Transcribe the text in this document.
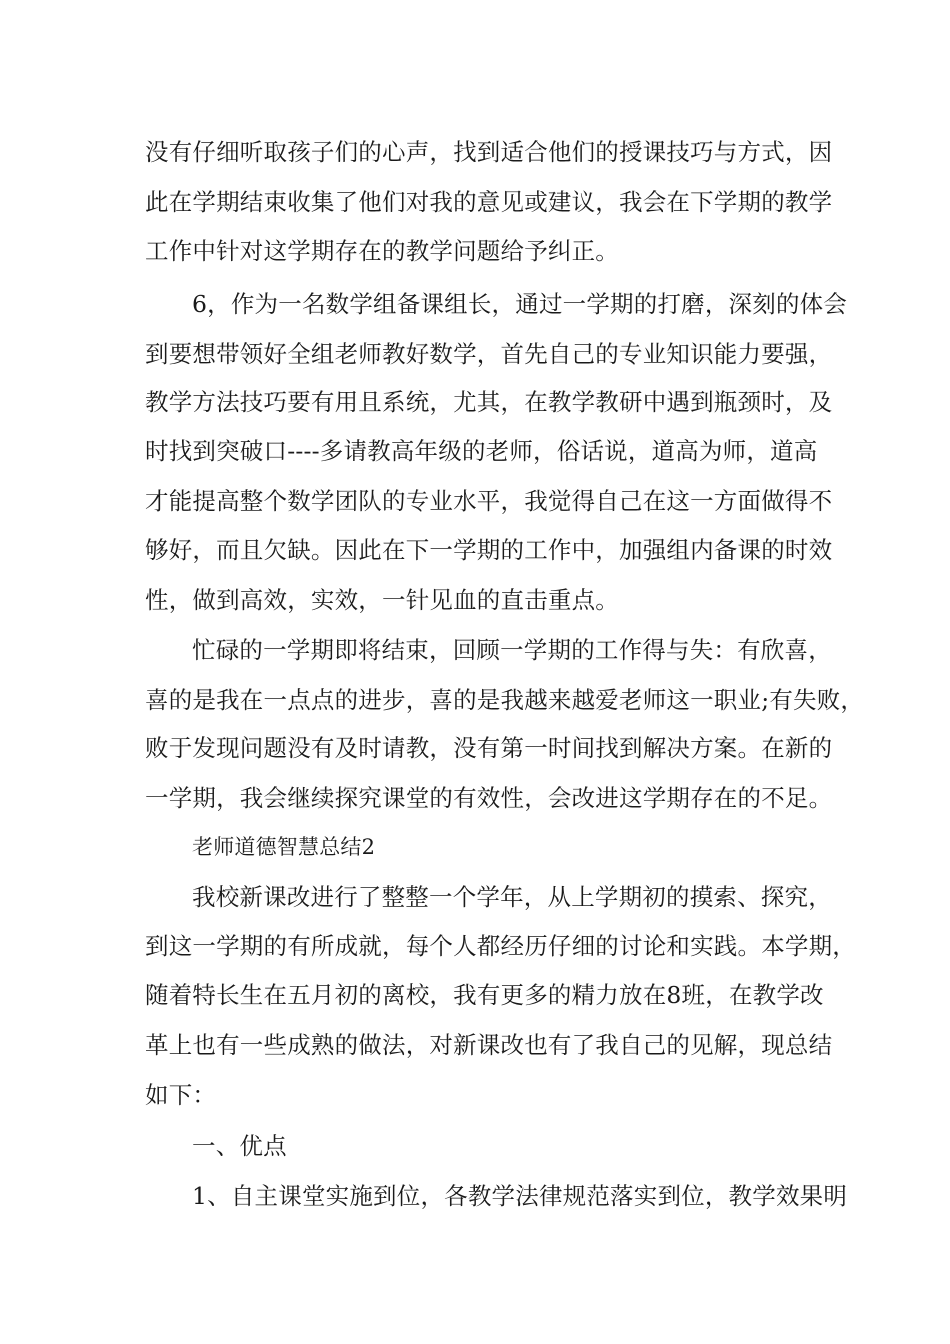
没有仔细听取孩子们的心声，找到适合他们的授课技巧与方式，因

此在学期结束收集了他们对我的意见或建议，我会在下学期的教学

工作中针对这学期存在的教学问题给予纠正。

6，作为一名数学组备课组长，通过一学期的打磨，深刻的体会

到要想带领好全组老师教好数学，首先自己的专业知识能力要强，

教学方法技巧要有用且系统，尤其，在教学教研中遇到瓶颈时，及

时找到突破口----多请教高年级的老师，俗话说，道高为师，道高

才能提高整个数学团队的专业水平，我觉得自己在这一方面做得不

够好，而且欠缺。因此在下一学期的工作中，加强组内备课的时效

性，做到高效，实效，一针见血的直击重点。

忙碌的一学期即将结束，回顾一学期的工作得与失：有欣喜，

喜的是我在一点点的进步，喜的是我越来越爱老师这一职业;有失败，

败于发现问题没有及时请教，没有第一时间找到解决方案。在新的

一学期，我会继续探究课堂的有效性，会改进这学期存在的不足。

老师道德智慧总结2

我校新课改进行了整整一个学年，从上学期初的摸索、探究，

到这一学期的有所成就，每个人都经历仔细的讨论和实践。本学期，

随着特长生在五月初的离校，我有更多的精力放在8班，在教学改

革上也有一些成熟的做法，对新课改也有了我自己的见解，现总结

如下：

一、优点

1、自主课堂实施到位，各教学法律规范落实到位，教学效果明
